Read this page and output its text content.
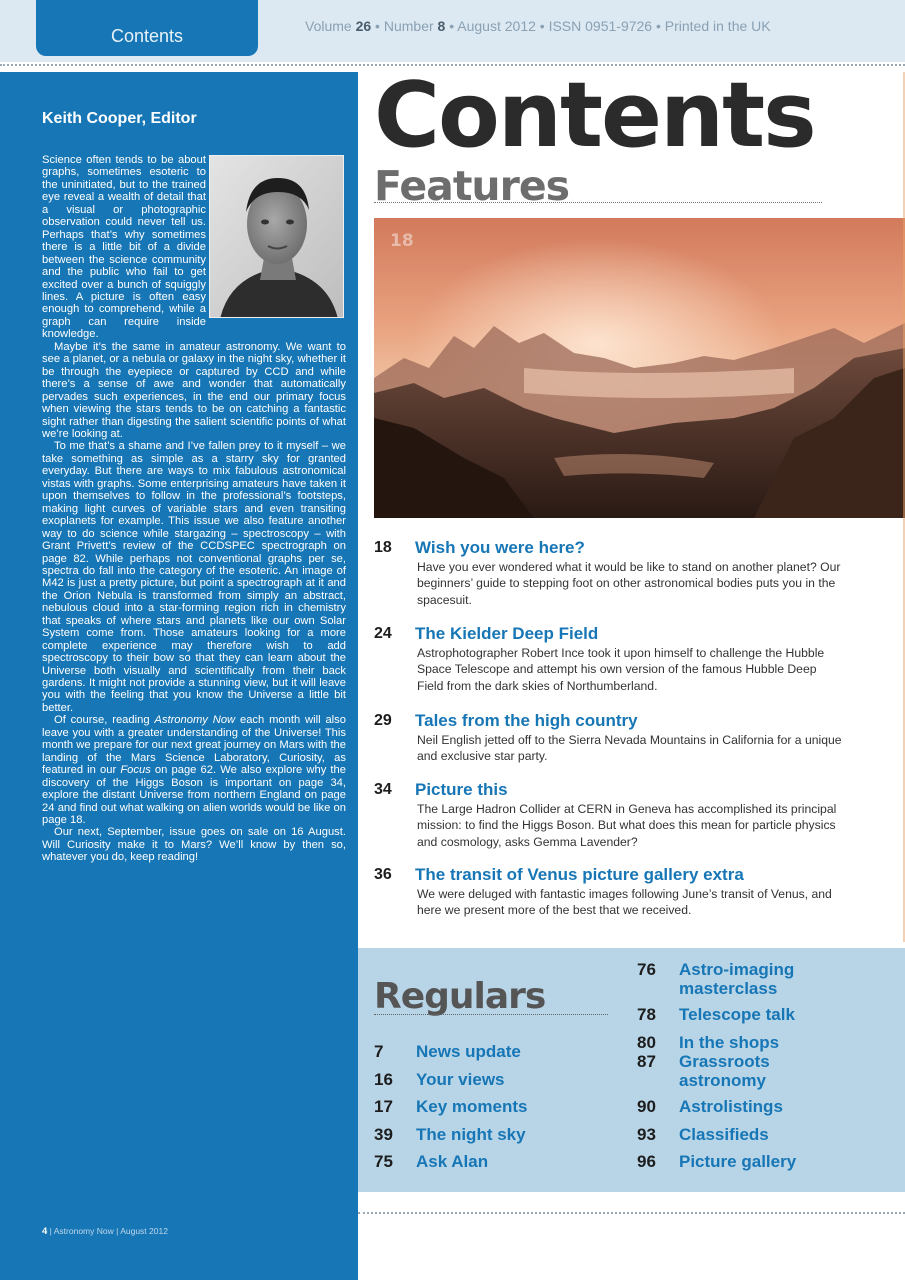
Contents	Volume 26 • Number 8 • August 2012 • ISSN 0951-9726 • Printed in the UK
Keith Cooper, Editor

Science often tends to be about graphs, sometimes esoteric to the uninitiated, but to the trained eye reveal a wealth of detail that a visual or photographic observation could never tell us. Perhaps that’s why sometimes there is a little bit of a divide between the science community and the public who fail to get excited over a bunch of squiggly lines. A picture is often easy enough to comprehend, while a graph can require inside knowledge.

Maybe it’s the same in amateur astronomy. We want to see a planet, or a nebula or galaxy in the night sky, whether it be through the eyepiece or captured by CCD and while there’s a sense of awe and wonder that automatically pervades such experiences, in the end our primary focus when viewing the stars tends to be on catching a fantastic sight rather than digesting the salient scientific points of what we’re looking at.

To me that’s a shame and I’ve fallen prey to it myself – we take something as simple as a starry sky for granted everyday. But there are ways to mix fabulous astronomical vistas with graphs. Some enterprising amateurs have taken it upon themselves to follow in the professional’s footsteps, making light curves of variable stars and even transiting exoplanets for example. This issue we also feature another way to do science while stargazing – spectroscopy – with Grant Privett’s review of the CCDSPEC spectrograph on page 82. While perhaps not conventional graphs per se, spectra do fall into the category of the esoteric. An image of M42 is just a pretty picture, but point a spectrograph at it and the Orion Nebula is transformed from simply an abstract, nebulous cloud into a star-forming region rich in chemistry that speaks of where stars and planets like our own Solar System come from. Those amateurs looking for a more complete experience may therefore wish to add spectroscopy to their bow so that they can learn about the Universe both visually and scientifically from their back gardens. It might not provide a stunning view, but it will leave you with the feeling that you know the Universe a little bit better.

Of course, reading Astronomy Now each month will also leave you with a greater understanding of the Universe! This month we prepare for our next great journey on Mars with the landing of the Mars Science Laboratory, Curiosity, as featured in our Focus on page 62. We also explore why the discovery of the Higgs Boson is important on page 34, explore the distant Universe from northern England on page 24 and find out what walking on alien worlds would be like on page 18.

Our next, September, issue goes on sale on 16 August. Will Curiosity make it to Mars? We’ll know by then so, whatever you do, keep reading!

4 | Astronomy Now | August 2012
Contents
Features
18
18 Wish you were here?
Have you ever wondered what it would be like to stand on another planet? Our beginners’ guide to stepping foot on other astronomical bodies puts you in the spacesuit.
24 The Kielder Deep Field
Astrophotographer Robert Ince took it upon himself to challenge the Hubble Space Telescope and attempt his own version of the famous Hubble Deep Field from the dark skies of Northumberland.
29 Tales from the high country
Neil English jetted off to the Sierra Nevada Mountains in California for a unique and exclusive star party.
34 Picture this
The Large Hadron Collider at CERN in Geneva has accomplished its principal mission: to find the Higgs Boson. But what does this mean for particle physics and cosmology, asks Gemma Lavender?
36 The transit of Venus picture gallery extra
We were deluged with fantastic images following June’s transit of Venus, and here we present more of the best that we received.
Regulars
7 News update
16 Your views
17 Key moments
39 The night sky
75 Ask Alan
76 Astro-imaging
masterclass
78 Telescope talk
80 In the shops
87 Grassroots
astronomy
90 Astrolistings
93 Classifieds
96 Picture gallery
